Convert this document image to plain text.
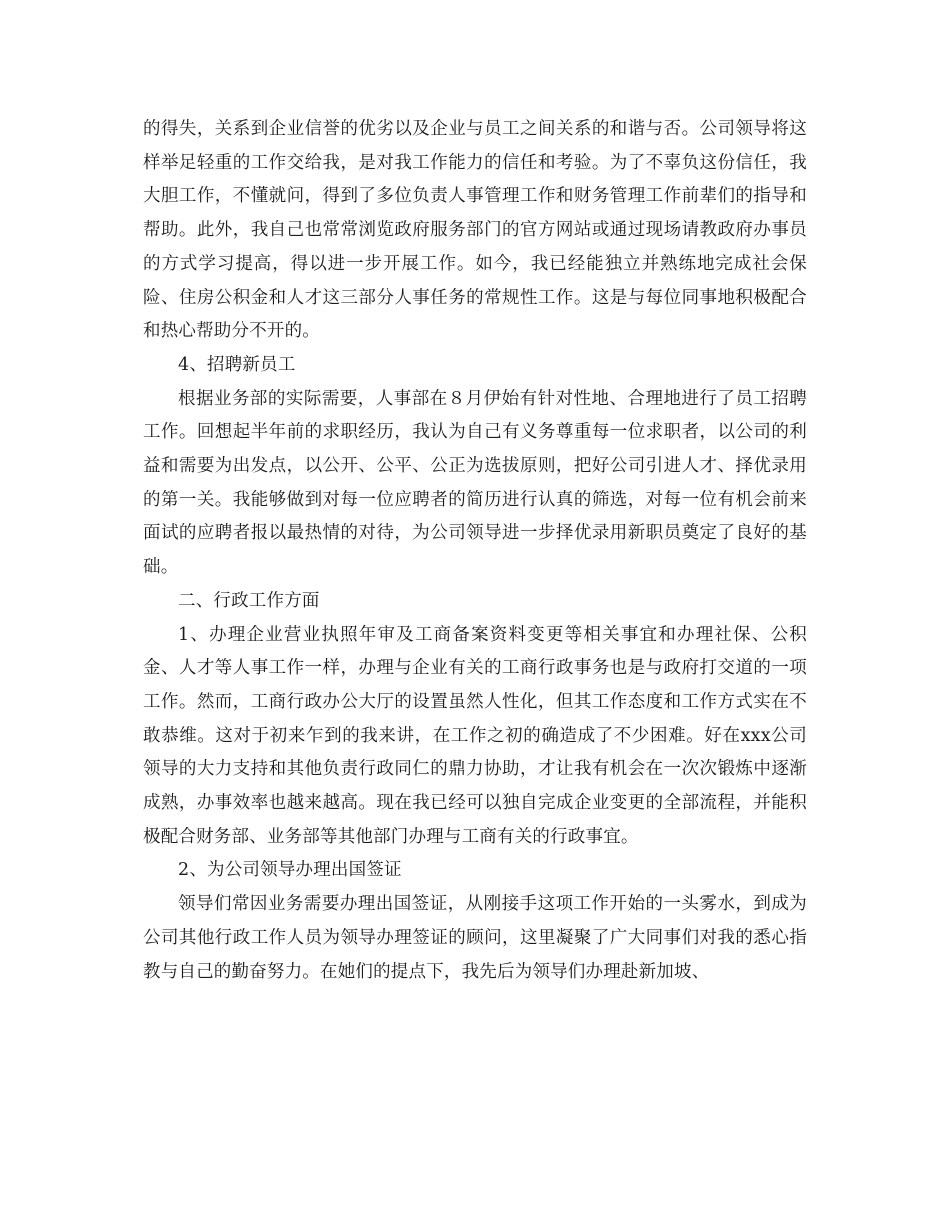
的得失，关系到企业信誉的优劣以及企业与员工之间关系的和谐与否。公司领导将这样举足轻重的工作交给我，是对我工作能力的信任和考验。为了不辜负这份信任，我大胆工作，不懂就问，得到了多位负责人事管理工作和财务管理工作前辈们的指导和帮助。此外，我自己也常常浏览政府服务部门的官方网站或通过现场请教政府办事员的方式学习提高，得以进一步开展工作。如今，我已经能独立并熟练地完成社会保险、住房公积金和人才这三部分人事任务的常规性工作。这是与每位同事地积极配合和热心帮助分不开的。

4、招聘新员工

根据业务部的实际需要，人事部在８月伊始有针对性地、合理地进行了员工招聘工作。回想起半年前的求职经历，我认为自己有义务尊重每一位求职者，以公司的利益和需要为出发点，以公开、公平、公正为选拔原则，把好公司引进人才、择优录用的第一关。我能够做到对每一位应聘者的简历进行认真的筛选，对每一位有机会前来面试的应聘者报以最热情的对待，为公司领导进一步择优录用新职员奠定了良好的基础。

二、行政工作方面

1、办理企业营业执照年审及工商备案资料变更等相关事宜和办理社保、公积金、人才等人事工作一样，办理与企业有关的工商行政事务也是与政府打交道的一项工作。然而，工商行政办公大厅的设置虽然人性化，但其工作态度和工作方式实在不敢恭维。这对于初来乍到的我来讲，在工作之初的确造成了不少困难。好在xxx公司领导的大力支持和其他负责行政同仁的鼎力协助，才让我有机会在一次次锻炼中逐渐成熟，办事效率也越来越高。现在我已经可以独自完成企业变更的全部流程，并能积极配合财务部、业务部等其他部门办理与工商有关的行政事宜。

2、为公司领导办理出国签证

领导们常因业务需要办理出国签证，从刚接手这项工作开始的一头雾水，到成为公司其他行政工作人员为领导办理签证的顾问，这里凝聚了广大同事们对我的悉心指教与自己的勤奋努力。在她们的提点下，我先后为领导们办理赴新加坡、
